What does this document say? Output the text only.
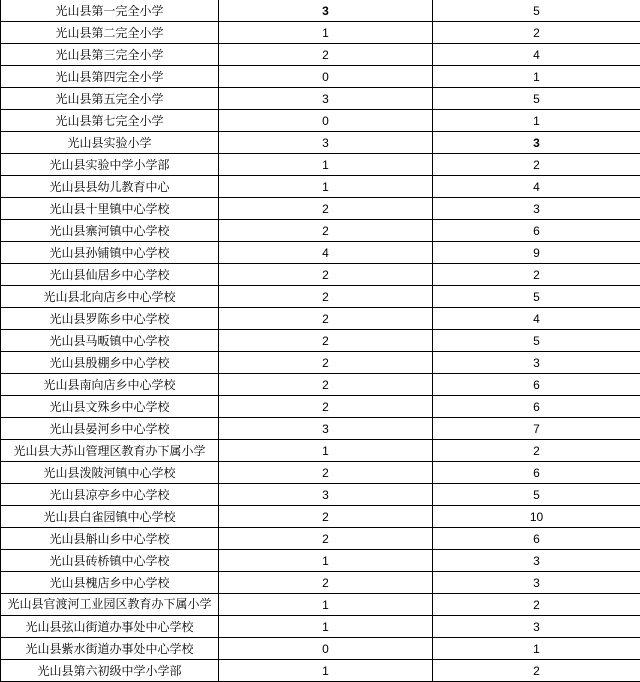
光山县第一完全小学	3	5
光山县第二完全小学	1	2
光山县第三完全小学	2	4
光山县第四完全小学	0	1
光山县第五完全小学	3	5
光山县第七完全小学	0	1
光山县实验小学	3	3
光山县实验中学小学部	1	2
光山县县幼儿教育中心	1	4
光山县十里镇中心学校	2	3
光山县寨河镇中心学校	2	6
光山县孙铺镇中心学校	4	9
光山县仙居乡中心学校	2	2
光山县北向店乡中心学校	2	5
光山县罗陈乡中心学校	2	4
光山县马畈镇中心学校	2	5
光山县殷棚乡中心学校	2	3
光山县南向店乡中心学校	2	6
光山县文殊乡中心学校	2	6
光山县晏河乡中心学校	3	7
光山县大苏山管理区教育办下属小学	1	2
光山县泼陂河镇中心学校	2	6
光山县凉亭乡中心学校	3	5
光山县白雀园镇中心学校	2	10
光山县斛山乡中心学校	2	6
光山县砖桥镇中心学校	1	3
光山县槐店乡中心学校	2	3
光山县官渡河工业园区教育办下属小学	1	2
光山县弦山街道办事处中心学校	1	3
光山县紫水街道办事处中心学校	0	1
光山县第六初级中学小学部	1	2
